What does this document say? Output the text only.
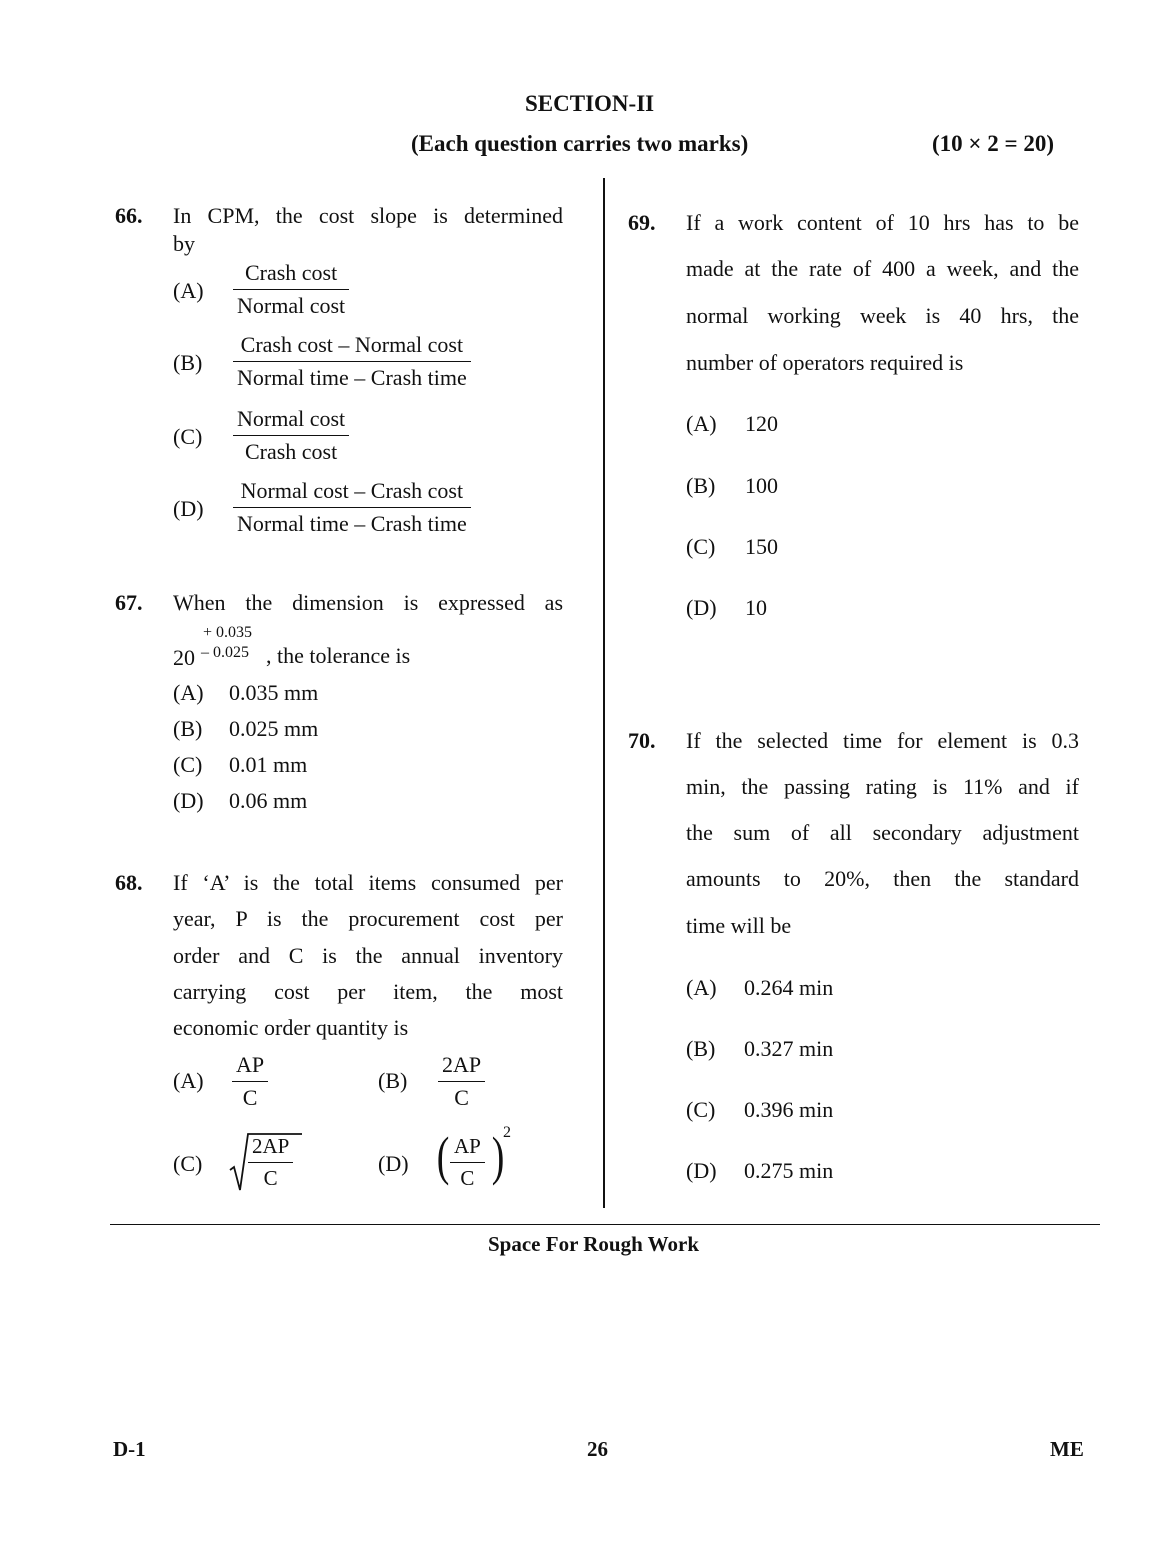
SECTION-II
(Each question carries two marks)	(10 × 2 = 20)
66. In CPM, the cost slope is determined
by
(A)
Crash cost
Normal cost
(B)
Crash cost – Normal cost
Normal time – Crash time
(C)
Normal cost
Crash cost
(D)
Normal cost – Crash cost
Normal time – Crash time
67. When the dimension is expressed as
+ 0.035
20 – 0.025 , the tolerance is
(A) 0.035 mm
(B) 0.025 mm
(C) 0.01 mm
(D) 0.06 mm
68. If ‘A’ is the total items consumed per
year, P is the procurement cost per
order and C is the annual inventory
carrying cost per item, the most
economic order quantity is
(A)
AP
C
(B)
2AP
C
(C)
2AP
C
(D) ( AP
C )
2
69. If a work content of 10 hrs has to be
made at the rate of 400 a week, and the
normal working week is 40 hrs, the
number of operators required is
(A) 120
(B) 100
(C) 150
(D) 10
70. If the selected time for element is 0.3
min, the passing rating is 11% and if
the sum of all secondary adjustment
amounts to 20%, then the standard
time will be
(A) 0.264 min
(B) 0.327 min
(C) 0.396 min
(D) 0.275 min
Space For Rough Work
D-1	26	ME
